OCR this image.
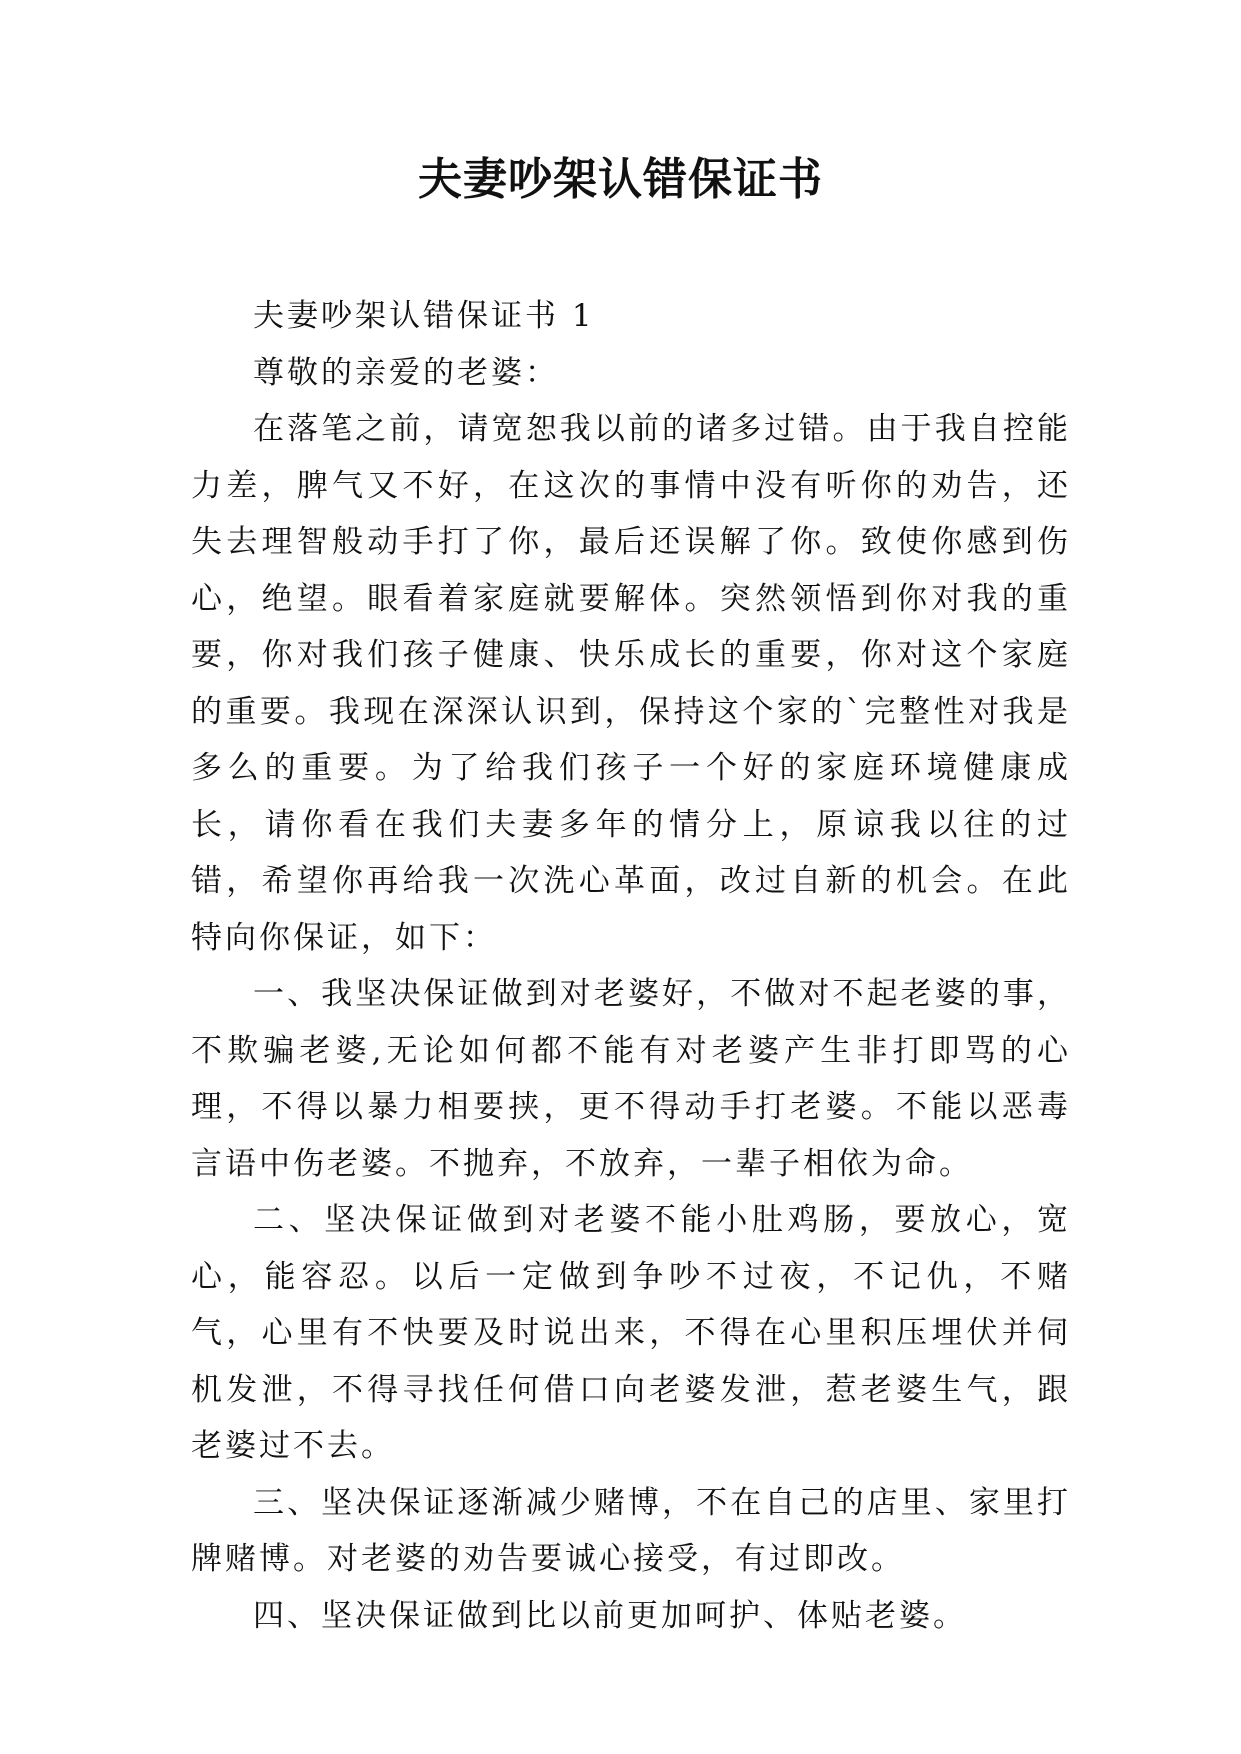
夫妻吵架认错保证书

夫妻吵架认错保证书 1

尊敬的亲爱的老婆：

在落笔之前，请宽恕我以前的诸多过错。由于我自控能力差，脾气又不好，在这次的事情中没有听你的劝告，还失去理智般动手打了你，最后还误解了你。致使你感到伤心，绝望。眼看着家庭就要解体。突然领悟到你对我的重要，你对我们孩子健康、快乐成长的重要，你对这个家庭的重要。我现在深深认识到，保持这个家的`完整性对我是多么的重要。为了给我们孩子一个好的家庭环境健康成长，请你看在我们夫妻多年的情分上，原谅我以往的过错，希望你再给我一次洗心革面，改过自新的机会。在此特向你保证，如下：

一、我坚决保证做到对老婆好，不做对不起老婆的事，不欺骗老婆,无论如何都不能有对老婆产生非打即骂的心理，不得以暴力相要挟，更不得动手打老婆。不能以恶毒言语中伤老婆。不抛弃，不放弃，一辈子相依为命。

二、坚决保证做到对老婆不能小肚鸡肠，要放心，宽心，能容忍。以后一定做到争吵不过夜，不记仇，不赌气，心里有不快要及时说出来，不得在心里积压埋伏并伺机发泄，不得寻找任何借口向老婆发泄，惹老婆生气，跟老婆过不去。

三、坚决保证逐渐减少赌博，不在自己的店里、家里打牌赌博。对老婆的劝告要诚心接受，有过即改。

四、坚决保证做到比以前更加呵护、体贴老婆。
